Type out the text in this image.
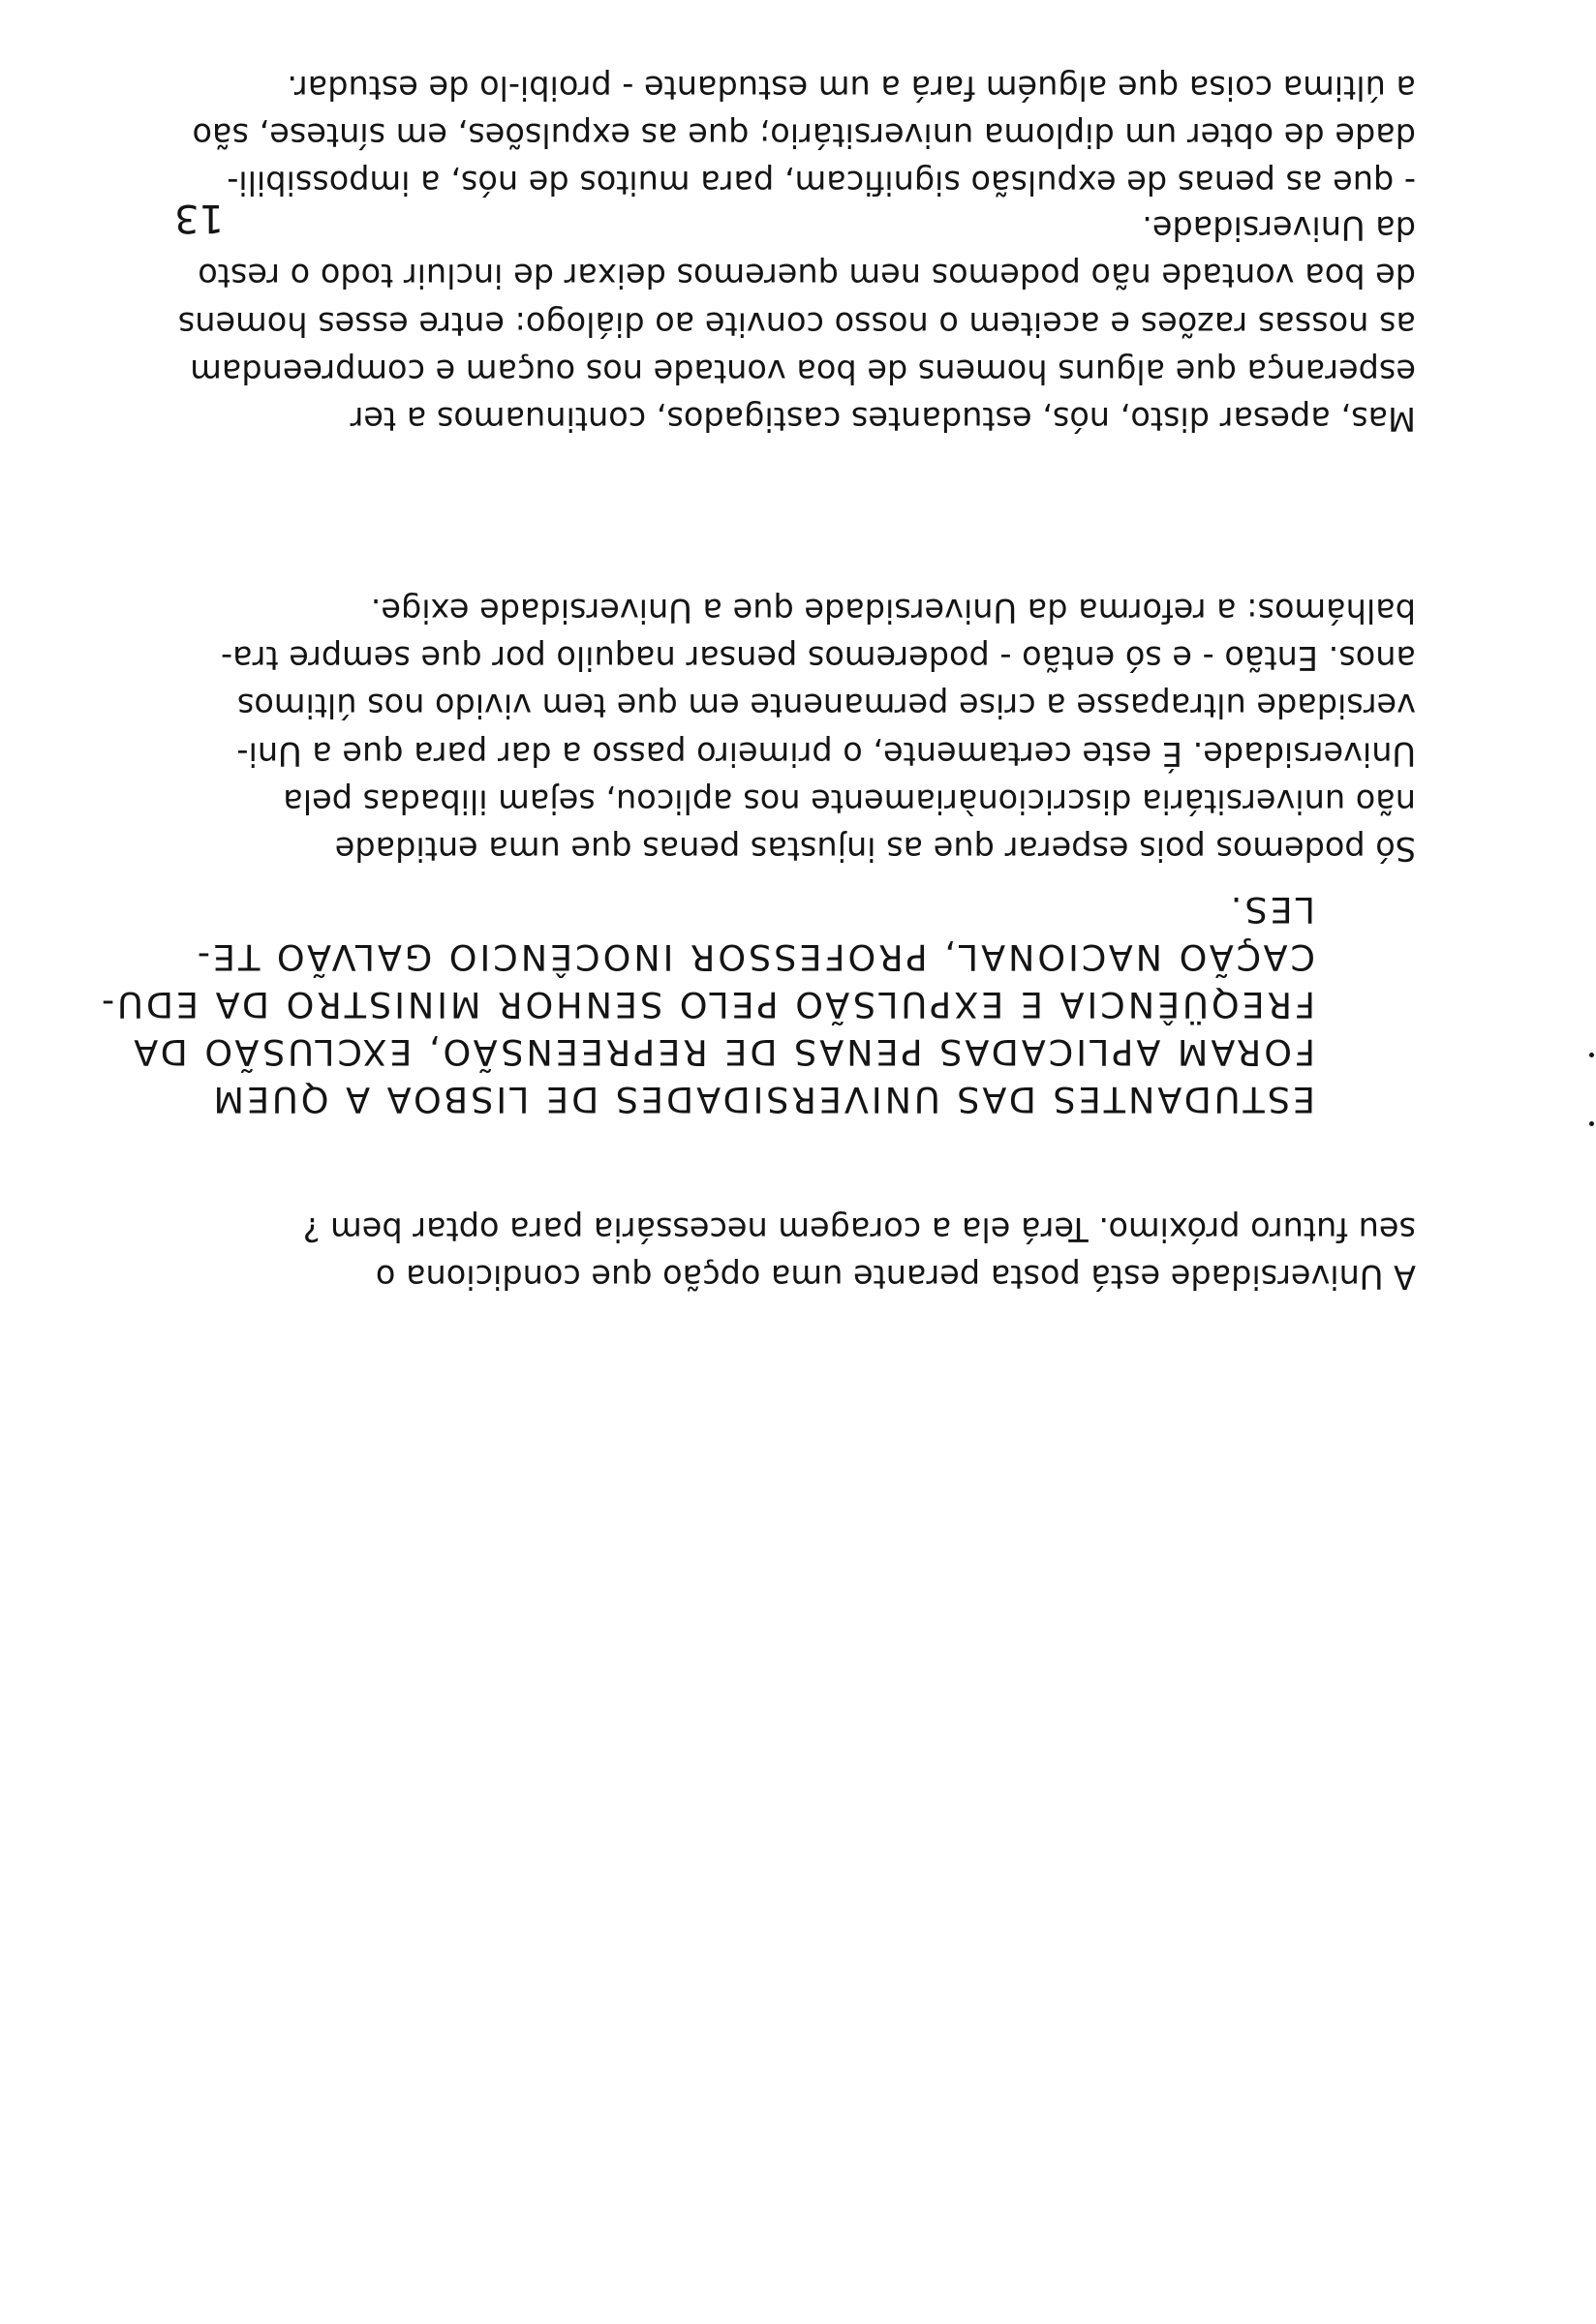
ESTUDANTES DAS UNIVERSIDADES DE LISBOA A QUEM
FORAM APLICADAS PENAS DE REPREENSÃO, EXCLUSÃO DA
FREQÜÊNCIA E EXPULSÃO PELO SENHOR MINISTRO DA EDU-
CAÇÃO NACIONAL, PROFESSOR INOCÊNCIO GALVÃO TE-
LES.

A Universidade está posta perante uma opção que condiciona o
seu futuro próximo. Terá ela a coragem necessária para optar bem ?

Só podemos pois esperar que as injustas penas que uma entidade
não universitária discricionàriamente nos aplicou, sejam ilibadas pela
Universidade. É este certamente, o primeiro passo a dar para que a Uni-
versidade ultrapasse a crise permanente em que tem vivido nos últimos
anos. Então - e só então - poderemos pensar naquilo por que sempre tra-
balhámos: a reforma da Universidade que a Universidade exige.

Mas, apesar disto, nós, estudantes castigados, continuamos a ter
esperança que alguns homens de boa vontade nos ouçam e compreendam
as nossas razões e aceitem o nosso convite ao diálogo: entre esses homens
de boa vontade não podemos nem queremos deixar de incluir todo o resto
da Universidade.

- que as penas de expulsão significam, para muitos de nós, a impossibili-
dade de obter um diploma universitário; que as expulsões, em síntese, são
a última coisa que alguém fará a um estudante - proibi-lo de estudar.

13
